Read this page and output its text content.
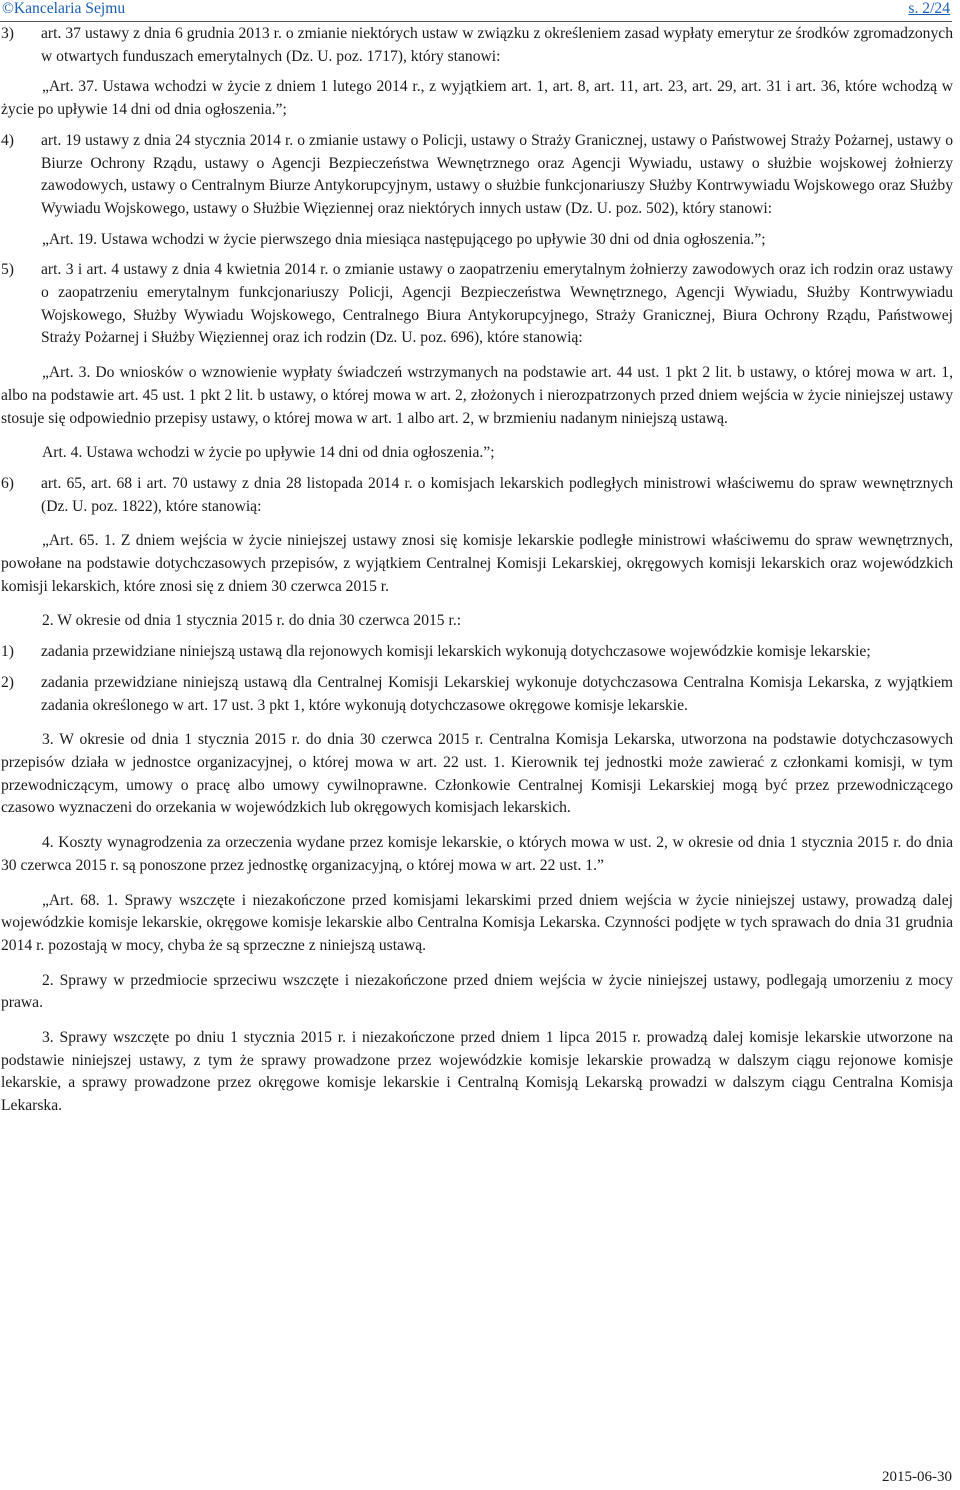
©Kancelaria Sejmu	s. 2/24
3)	art. 37 ustawy z dnia 6 grudnia 2013 r. o zmianie niektórych ustaw w związku z określeniem zasad wypłaty emerytur ze środków zgromadzonych w otwartych funduszach emerytalnych (Dz. U. poz. 1717), który stanowi:

„Art. 37. Ustawa wchodzi w życie z dniem 1 lutego 2014 r., z wyjątkiem art. 1, art. 8, art. 11, art. 23, art. 29, art. 31 i art. 36, które wchodzą w życie po upływie 14 dni od dnia ogłoszenia.”;

4)	art. 19 ustawy z dnia 24 stycznia 2014 r. o zmianie ustawy o Policji, ustawy o Straży Granicznej, ustawy o Państwowej Straży Pożarnej, ustawy o Biurze Ochrony Rządu, ustawy o Agencji Bezpieczeństwa Wewnętrznego oraz Agencji Wywiadu, ustawy o służbie wojskowej żołnierzy zawodowych, ustawy o Centralnym Biurze Antykorupcyjnym, ustawy o służbie funkcjonariuszy Służby Kontrwywiadu Wojskowego oraz Służby Wywiadu Wojskowego, ustawy o Służbie Więziennej oraz niektórych innych ustaw (Dz. U. poz. 502), który stanowi:

„Art. 19. Ustawa wchodzi w życie pierwszego dnia miesiąca następującego po upływie 30 dni od dnia ogłoszenia.”;

5)	art. 3 i art. 4 ustawy z dnia 4 kwietnia 2014 r. o zmianie ustawy o zaopatrzeniu emerytalnym żołnierzy zawodowych oraz ich rodzin oraz ustawy o zaopatrzeniu emerytalnym funkcjonariuszy Policji, Agencji Bezpieczeństwa Wewnętrznego, Agencji Wywiadu, Służby Kontrwywiadu Wojskowego, Służby Wywiadu Wojskowego, Centralnego Biura Antykorupcyjnego, Straży Granicznej, Biura Ochrony Rządu, Państwowej Straży Pożarnej i Służby Więziennej oraz ich rodzin (Dz. U. poz. 696), które stanowią:

„Art. 3. Do wniosków o wznowienie wypłaty świadczeń wstrzymanych na podstawie art. 44 ust. 1 pkt 2 lit. b ustawy, o której mowa w art. 1, albo na podstawie art. 45 ust. 1 pkt 2 lit. b ustawy, o której mowa w art. 2, złożonych i nierozpatrzonych przed dniem wejścia w życie niniejszej ustawy stosuje się odpowiednio przepisy ustawy, o której mowa w art. 1 albo art. 2, w brzmieniu nadanym niniejszą ustawą.

Art. 4. Ustawa wchodzi w życie po upływie 14 dni od dnia ogłoszenia.”;

6)	art. 65, art. 68 i art. 70 ustawy z dnia 28 listopada 2014 r. o komisjach lekarskich podległych ministrowi właściwemu do spraw wewnętrznych (Dz. U. poz. 1822), które stanowią:

„Art. 65. 1. Z dniem wejścia w życie niniejszej ustawy znosi się komisje lekarskie podległe ministrowi właściwemu do spraw wewnętrznych, powołane na podstawie dotychczasowych przepisów, z wyjątkiem Centralnej Komisji Lekarskiej, okręgowych komisji lekarskich oraz wojewódzkich komisji lekarskich, które znosi się z dniem 30 czerwca 2015 r.

2. W okresie od dnia 1 stycznia 2015 r. do dnia 30 czerwca 2015 r.:

1)	zadania przewidziane niniejszą ustawą dla rejonowych komisji lekarskich wykonują dotychczasowe wojewódzkie komisje lekarskie;
2)	zadania przewidziane niniejszą ustawą dla Centralnej Komisji Lekarskiej wykonuje dotychczasowa Centralna Komisja Lekarska, z wyjątkiem zadania określonego w art. 17 ust. 3 pkt 1, które wykonują dotychczasowe okręgowe komisje lekarskie.

3. W okresie od dnia 1 stycznia 2015 r. do dnia 30 czerwca 2015 r. Centralna Komisja Lekarska, utworzona na podstawie dotychczasowych przepisów działa w jednostce organizacyjnej, o której mowa w art. 22 ust. 1. Kierownik tej jednostki może zawierać z członkami komisji, w tym przewodniczącym, umowy o pracę albo umowy cywilnoprawne. Członkowie Centralnej Komisji Lekarskiej mogą być przez przewodniczącego czasowo wyznaczeni do orzekania w wojewódzkich lub okręgowych komisjach lekarskich.

4. Koszty wynagrodzenia za orzeczenia wydane przez komisje lekarskie, o których mowa w ust. 2, w okresie od dnia 1 stycznia 2015 r. do dnia 30 czerwca 2015 r. są ponoszone przez jednostkę organizacyjną, o której mowa w art. 22 ust. 1.”

„Art. 68. 1. Sprawy wszczęte i niezakończone przed komisjami lekarskimi przed dniem wejścia w życie niniejszej ustawy, prowadzą dalej wojewódzkie komisje lekarskie, okręgowe komisje lekarskie albo Centralna Komisja Lekarska. Czynności podjęte w tych sprawach do dnia 31 grudnia 2014 r. pozostają w mocy, chyba że są sprzeczne z niniejszą ustawą.

2. Sprawy w przedmiocie sprzeciwu wszczęte i niezakończone przed dniem wejścia w życie niniejszej ustawy, podlegają umorzeniu z mocy prawa.

3. Sprawy wszczęte po dniu 1 stycznia 2015 r. i niezakończone przed dniem 1 lipca 2015 r. prowadzą dalej komisje lekarskie utworzone na podstawie niniejszej ustawy, z tym że sprawy prowadzone przez wojewódzkie komisje lekarskie prowadzą w dalszym ciągu rejonowe komisje lekarskie, a sprawy prowadzone przez okręgowe komisje lekarskie i Centralną Komisją Lekarską prowadzi w dalszym ciągu Centralna Komisja Lekarska.

2015-06-30
